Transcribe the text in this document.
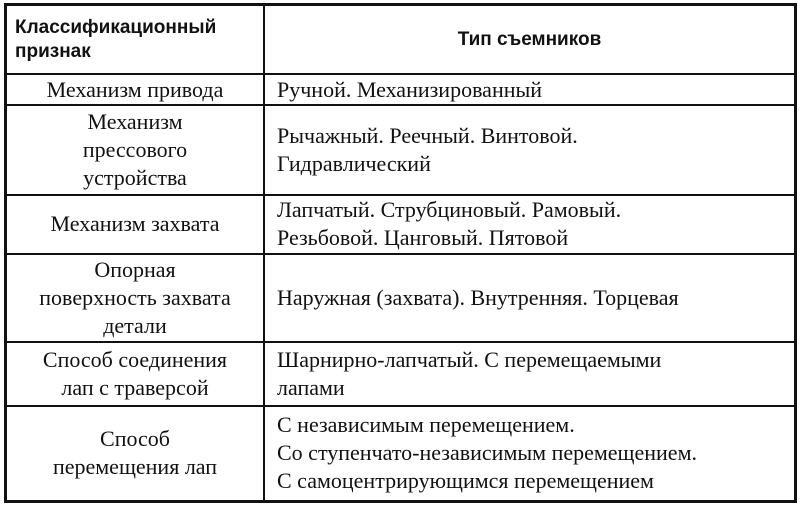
Классификационный
признак	Тип съемников

Механизм привода	Ручной. Механизированный

Механизм
прессового
устройства	Рычажный. Реечный. Винтовой.
Гидравлический

Механизм захвата	Лапчатый. Струбциновый. Рамовый.
Резьбовой. Цанговый. Пятовой

Опорная
поверхность захвата
детали	Наружная (захвата). Внутренняя. Торцевая

Способ соединения
лап с траверсой	Шарнирно-лапчатый. С перемещаемыми
лапами

Способ
перемещения лап	С независимым перемещением.
Со ступенчато-независимым перемещением.
С самоцентрирующимся перемещением
